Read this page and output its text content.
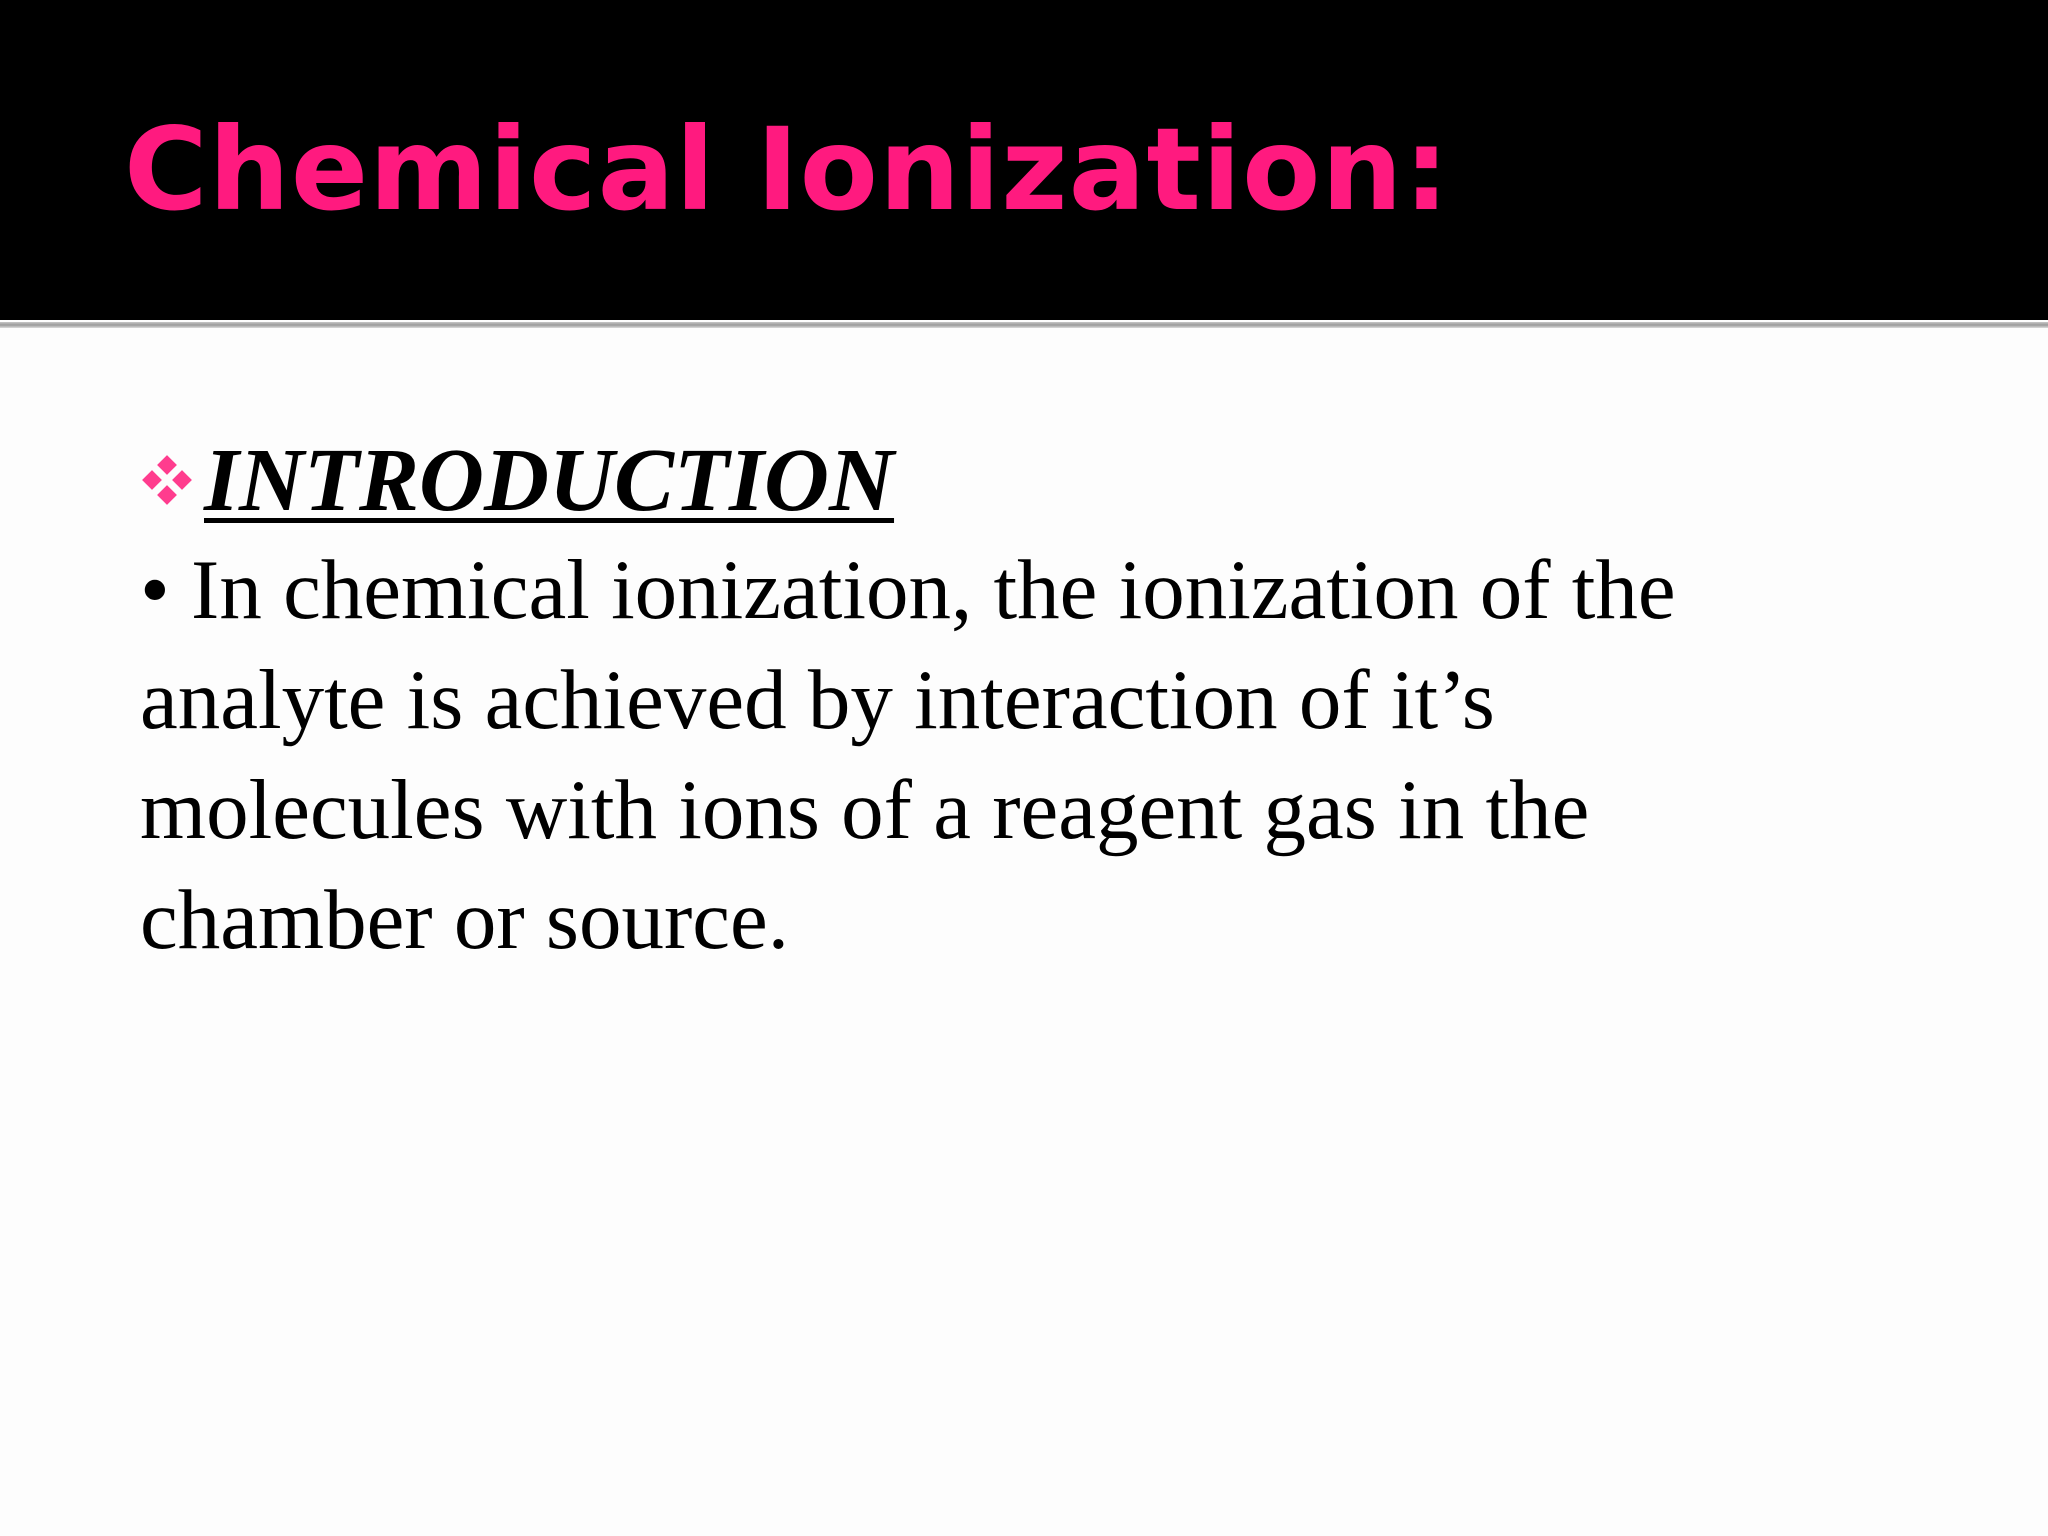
Chemical Ionization:
INTRODUCTION

• In chemical ionization, the ionization of the analyte is achieved by interaction of it’s molecules with ions of a reagent gas in the chamber or source.
